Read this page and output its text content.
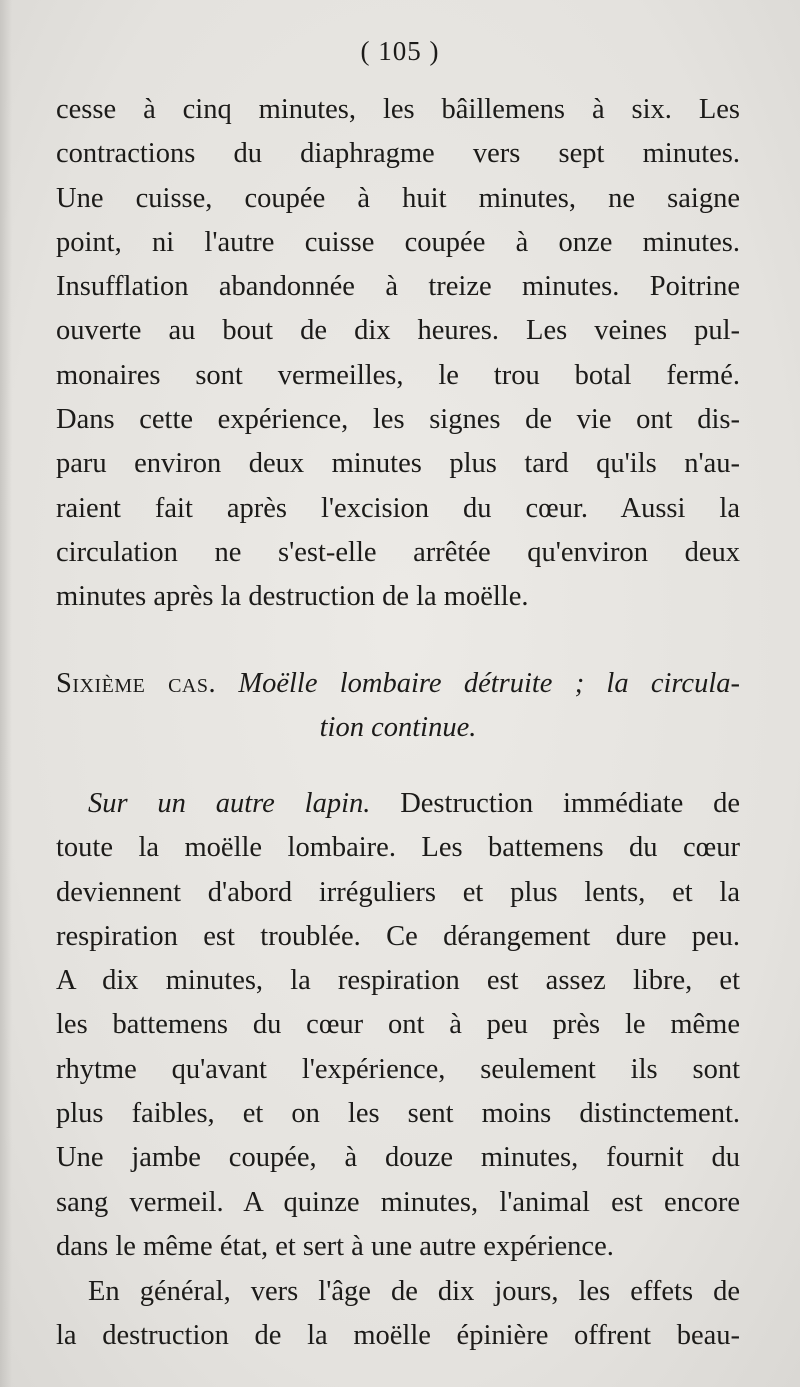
( 105 )
cesse à cinq minutes, les bâillemens à six. Les
contractions du diaphragme vers sept minutes.
Une cuisse, coupée à huit minutes, ne saigne
point, ni l'autre cuisse coupée à onze minutes.
Insufflation abandonnée à treize minutes. Poitrine
ouverte au bout de dix heures. Les veines pul-
monaires sont vermeilles, le trou botal fermé.
Dans cette expérience, les signes de vie ont dis-
paru environ deux minutes plus tard qu'ils n'au-
raient fait après l'excision du cœur. Aussi la
circulation ne s'est-elle arrêtée qu'environ deux
minutes après la destruction de la moëlle.
Sixième cas. Moëlle lombaire détruite ; la circula-
tion continue.
Sur un autre lapin. Destruction immédiate de
toute la moëlle lombaire. Les battemens du cœur
deviennent d'abord irréguliers et plus lents, et la
respiration est troublée. Ce dérangement dure peu.
A dix minutes, la respiration est assez libre, et
les battemens du cœur ont à peu près le même
rhytme qu'avant l'expérience, seulement ils sont
plus faibles, et on les sent moins distinctement.
Une jambe coupée, à douze minutes, fournit du
sang vermeil. A quinze minutes, l'animal est encore
dans le même état, et sert à une autre expérience.
En général, vers l'âge de dix jours, les effets de
la destruction de la moëlle épinière offrent beau-
